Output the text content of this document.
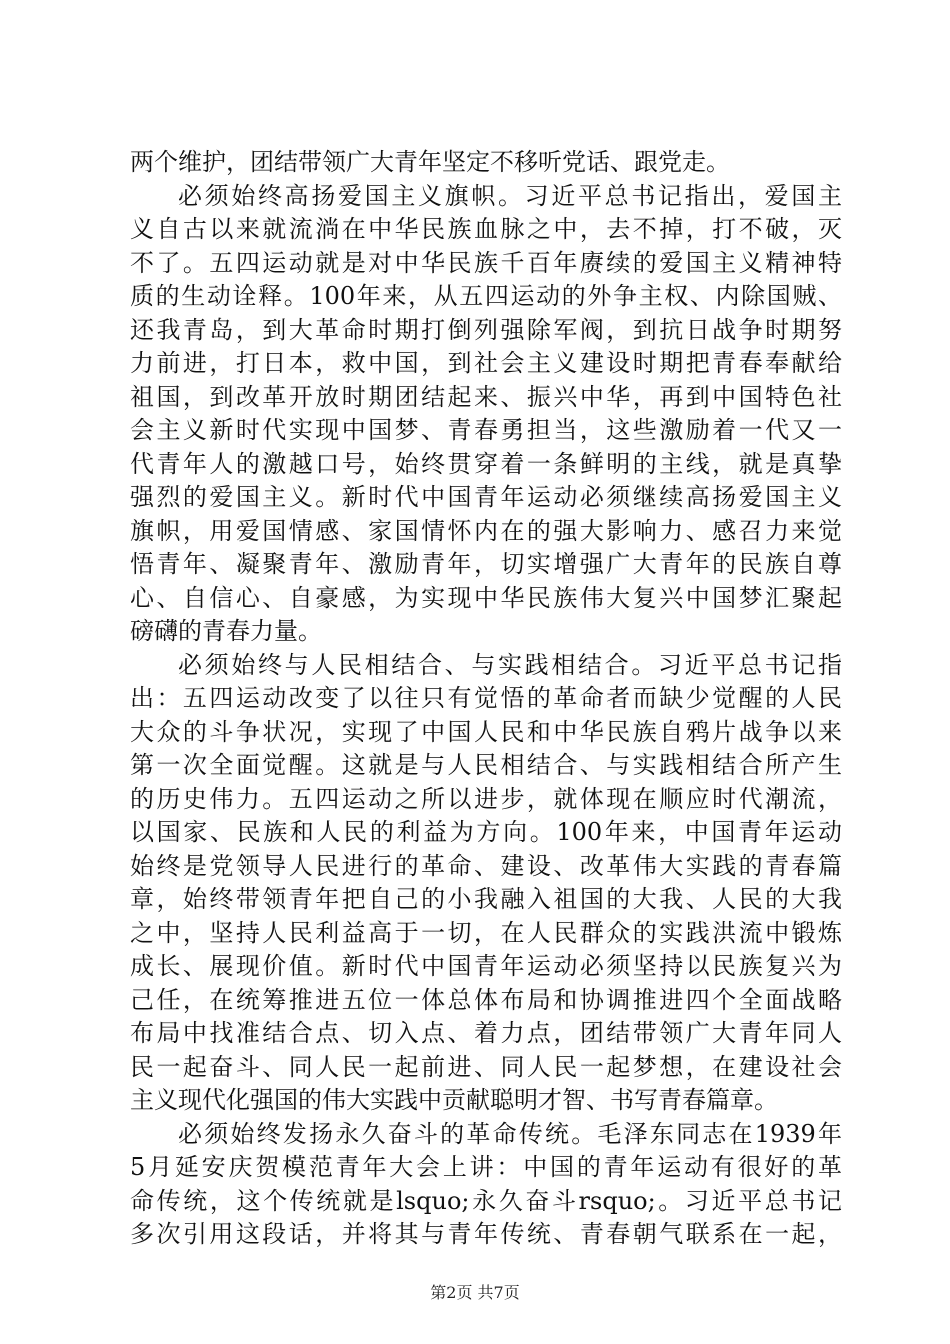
两个维护，团结带领广大青年坚定不移听党话、跟党走。
必须始终高扬爱国主义旗帜。习近平总书记指出，爱国主
义自古以来就流淌在中华民族血脉之中，去不掉，打不破，灭
不了。五四运动就是对中华民族千百年赓续的爱国主义精神特
质的生动诠释。100年来，从五四运动的外争主权、内除国贼、
还我青岛，到大革命时期打倒列强除军阀，到抗日战争时期努
力前进，打日本，救中国，到社会主义建设时期把青春奉献给
祖国，到改革开放时期团结起来、振兴中华，再到中国特色社
会主义新时代实现中国梦、青春勇担当，这些激励着一代又一
代青年人的激越口号，始终贯穿着一条鲜明的主线，就是真挚
强烈的爱国主义。新时代中国青年运动必须继续高扬爱国主义
旗帜，用爱国情感、家国情怀内在的强大影响力、感召力来觉
悟青年、凝聚青年、激励青年，切实增强广大青年的民族自尊
心、自信心、自豪感，为实现中华民族伟大复兴中国梦汇聚起
磅礴的青春力量。
必须始终与人民相结合、与实践相结合。习近平总书记指
出：五四运动改变了以往只有觉悟的革命者而缺少觉醒的人民
大众的斗争状况，实现了中国人民和中华民族自鸦片战争以来
第一次全面觉醒。这就是与人民相结合、与实践相结合所产生
的历史伟力。五四运动之所以进步，就体现在顺应时代潮流，
以国家、民族和人民的利益为方向。100年来，中国青年运动
始终是党领导人民进行的革命、建设、改革伟大实践的青春篇
章，始终带领青年把自己的小我融入祖国的大我、人民的大我
之中，坚持人民利益高于一切，在人民群众的实践洪流中锻炼
成长、展现价值。新时代中国青年运动必须坚持以民族复兴为
己任，在统筹推进五位一体总体布局和协调推进四个全面战略
布局中找准结合点、切入点、着力点，团结带领广大青年同人
民一起奋斗、同人民一起前进、同人民一起梦想，在建设社会
主义现代化强国的伟大实践中贡献聪明才智、书写青春篇章。
必须始终发扬永久奋斗的革命传统。毛泽东同志在1939年
5月延安庆贺模范青年大会上讲：中国的青年运动有很好的革
命传统，这个传统就是lsquo;永久奋斗rsquo;。习近平总书记
多次引用这段话，并将其与青年传统、青春朝气联系在一起，
第2页 共7页
